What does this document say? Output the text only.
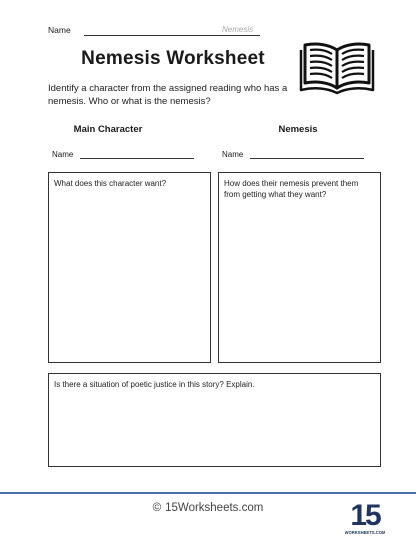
Name	Nemesis
Nemesis Worksheet

Identify a character from the assigned reading who has a nemesis. Who or what is the nemesis?

Main Character	Nemesis
Name	Name

What does this character want?	How does their nemesis prevent them from getting what they want?

Is there a situation of poetic justice in this story? Explain.

© 15Worksheets.com	15
WORKSHEETS.COM
